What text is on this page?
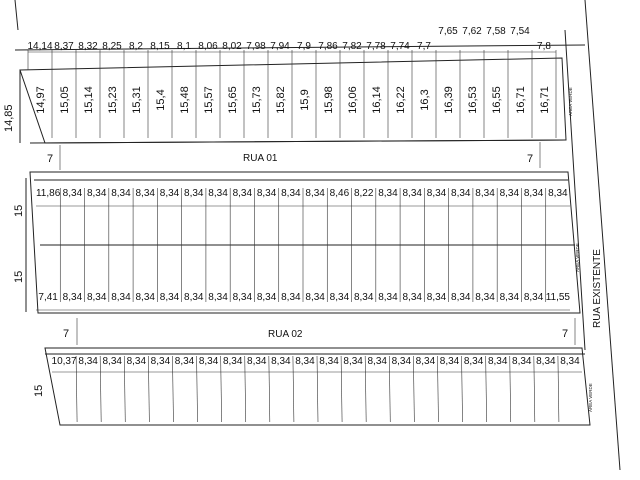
RUA EXISTENTE
14,14 8,37 8,32 8,25 8,2 8,15 8,1 8,06 8,02 7,98 7,94 7,9 7,86 7,82 7,78 7,74 7,7
7,65 7,62 7,58 7,54
7,8
14,97 15,05 15,14 15,23 15,31 15,4 15,48 15,57 15,65 15,73 15,82 15,9 15,98 16,06 16,14 16,22 16,3 16,39 16,53 16,55 16,71 16,71
14,85
AREA VERDE
RUA 01
7	7
11,86 8,34 8,34 8,34 8,34 8,34 8,34 8,34 8,34 8,34 8,34 8,34 8,46 8,22 8,34 8,34 8,34 8,34 8,34 8,34 8,34 8,34
7,41 8,34 8,34 8,34 8,34 8,34 8,34 8,34 8,34 8,34 8,34 8,34 8,34 8,34 8,34 8,34 8,34 8,34 8,34 8,34 8,34 11,55
15
15
AREA VERDE
RUA 02
7	7
10,37 8,34 8,34 8,34 8,34 8,34 8,34 8,34 8,34 8,34 8,34 8,34 8,34 8,34 8,34 8,34 8,34 8,34 8,34 8,34 8,34 8,34
15	AREA VERDE
